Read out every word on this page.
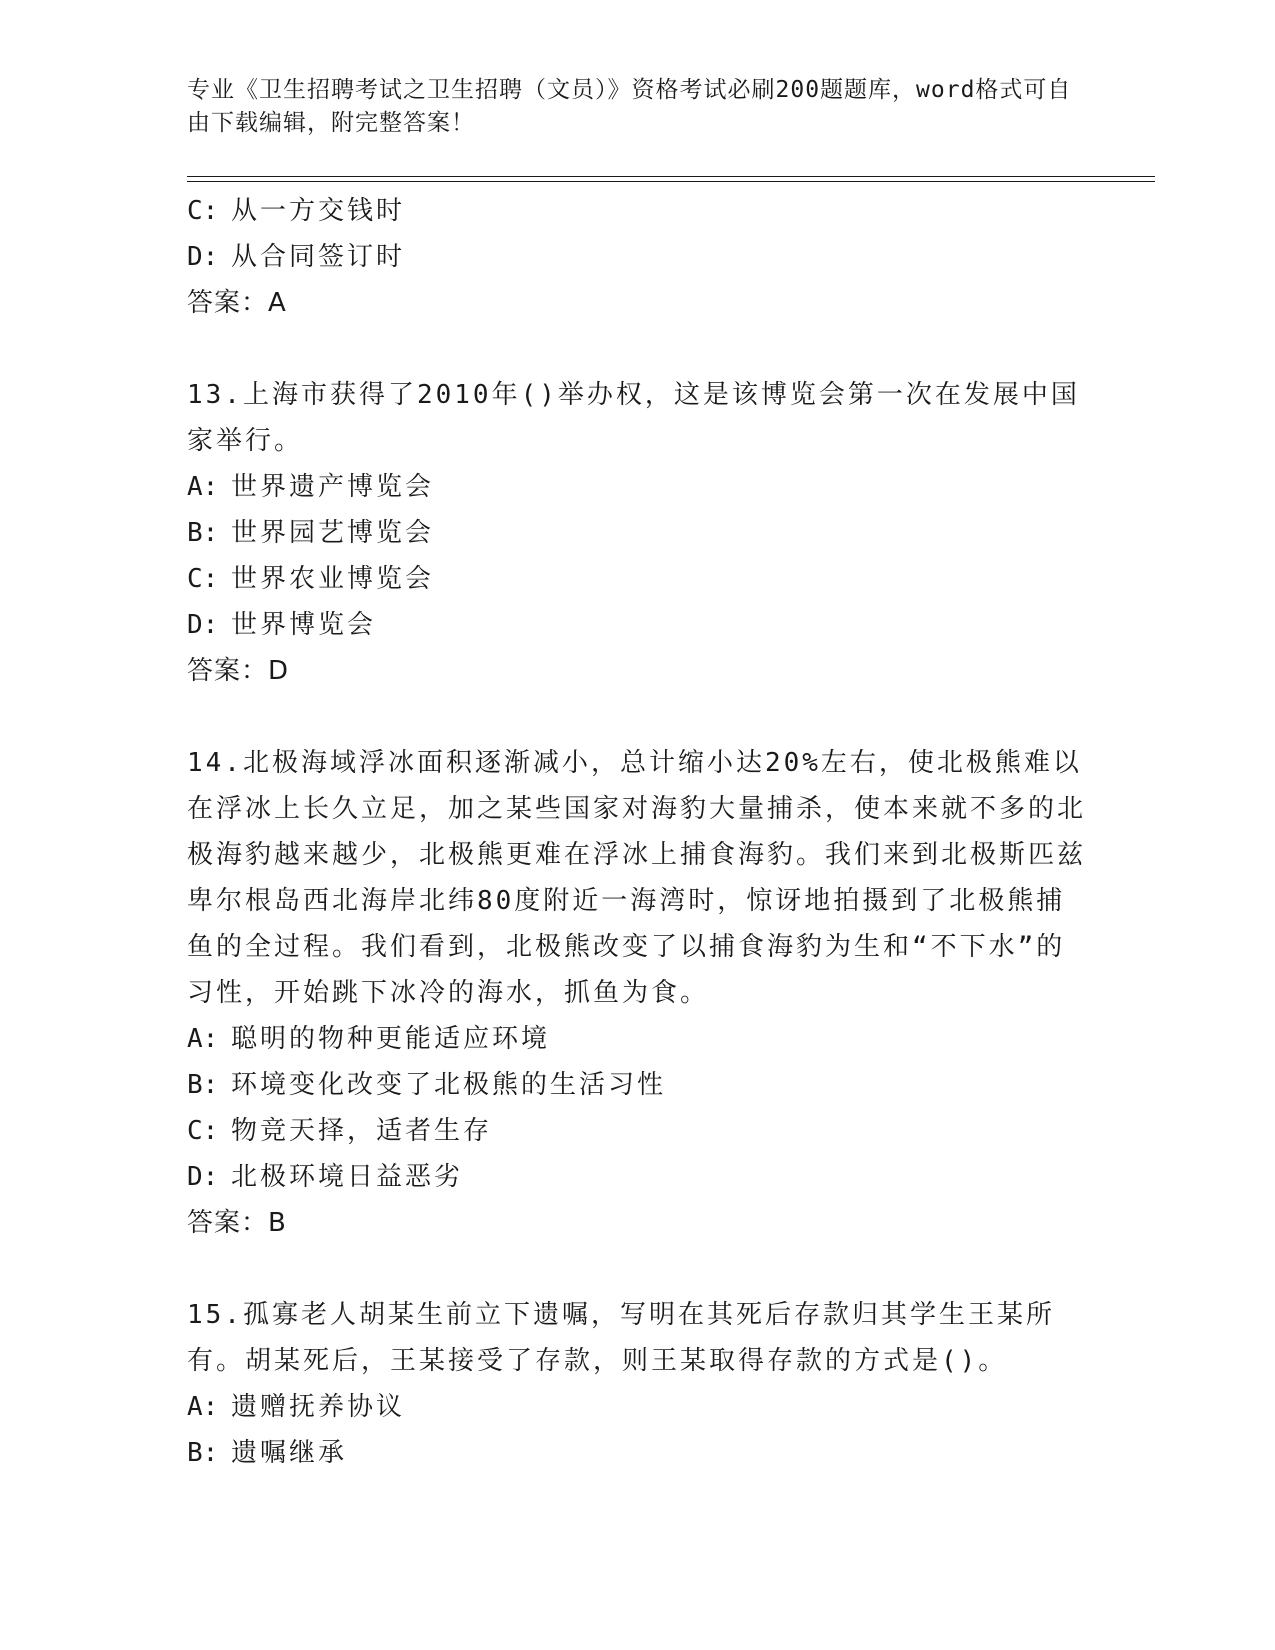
专业《卫生招聘考试之卫生招聘（文员）》资格考试必刷200题题库，word格式可自由下载编辑，附完整答案！
C: 从一方交钱时
D: 从合同签订时
答案：A
13.上海市获得了2010年()举办权，这是该博览会第一次在发展中国家举行。
A: 世界遗产博览会
B: 世界园艺博览会
C: 世界农业博览会
D: 世界博览会
答案：D
14.北极海域浮冰面积逐渐减小，总计缩小达20%左右，使北极熊难以在浮冰上长久立足，加之某些国家对海豹大量捕杀，使本来就不多的北极海豹越来越少，北极熊更难在浮冰上捕食海豹。我们来到北极斯匹兹卑尔根岛西北海岸北纬80度附近一海湾时，惊讶地拍摄到了北极熊捕鱼的全过程。我们看到，北极熊改变了以捕食海豹为生和“不下水”的习性，开始跳下冰冷的海水，抓鱼为食。
A: 聪明的物种更能适应环境
B: 环境变化改变了北极熊的生活习性
C: 物竞天择，适者生存
D: 北极环境日益恶劣
答案：B
15.孤寡老人胡某生前立下遗嘱，写明在其死后存款归其学生王某所有。胡某死后，王某接受了存款，则王某取得存款的方式是()。
A: 遗赠抚养协议
B: 遗嘱继承
